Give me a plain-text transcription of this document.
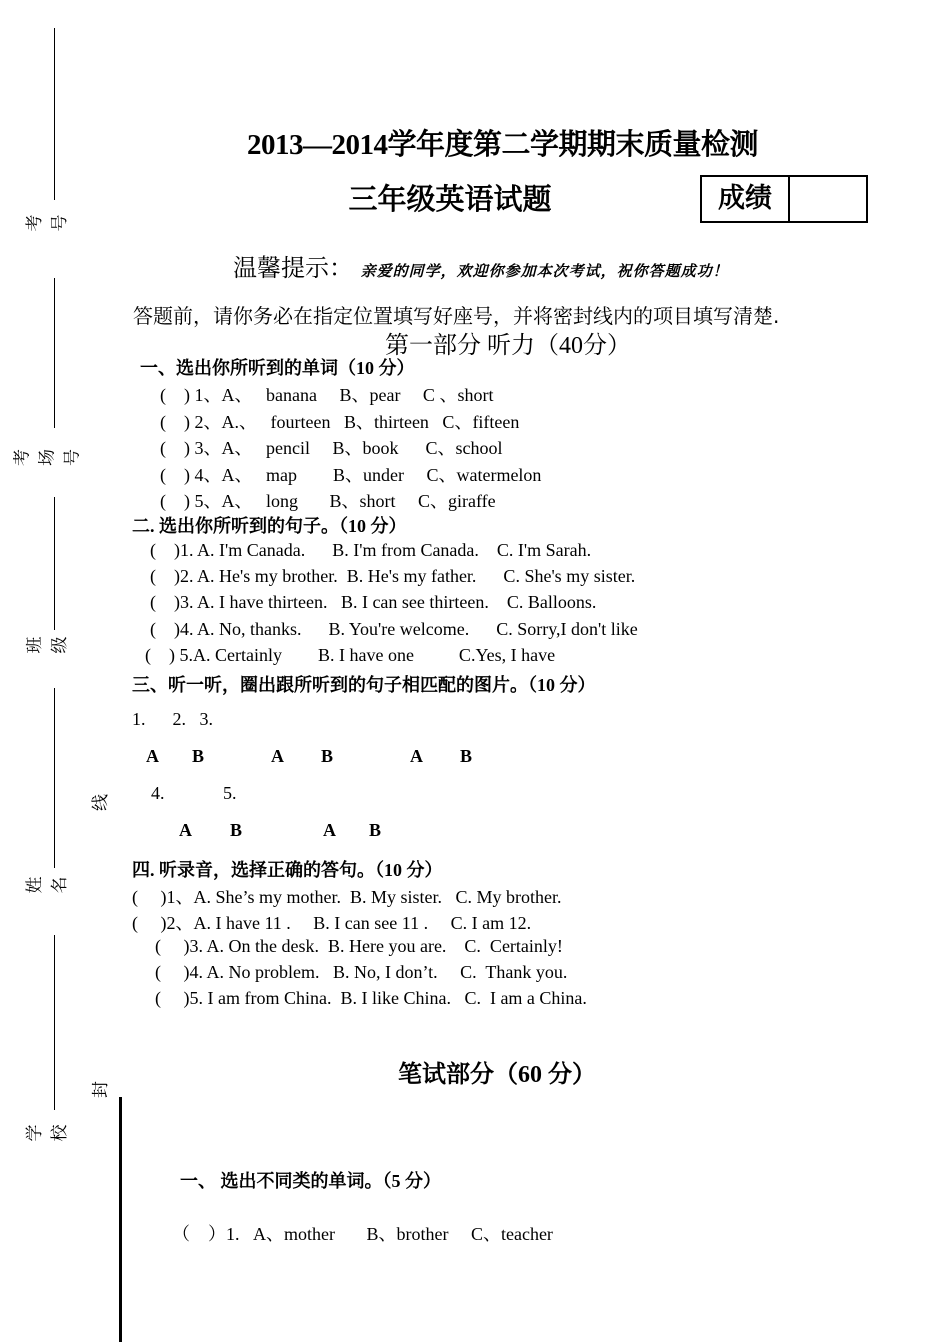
考号
考场号
班级
姓名
学校
线
封
2013—2014学年度第二学期期末质量检测
三年级英语试题	成绩
温馨提示： 亲爱的同学，欢迎你参加本次考试，祝你答题成功！
答题前，请你务必在指定位置填写好座号，并将密封线内的项目填写清楚.
第一部分 听力（40分）
一、选出你所听到的单词（10 分）
(    ) 1、A、   banana     B、pear     C 、short
(    ) 2、A.、   fourteen   B、thirteen   C、fifteen
(    ) 3、A、   pencil     B、book      C、school
(    ) 4、A、   map        B、under     C、watermelon
(    ) 5、A、   long       B、short     C、giraffe
二. 选出你所听到的句子。（10 分）
(    )1. A. I'm Canada.      B. I'm from Canada.    C. I'm Sarah.
(    )2. A. He's my brother.  B. He's my father.      C. She's my sister.
(    )3. A. I have thirteen.   B. I can see thirteen.    C. Balloons.
(    )4. A. No, thanks.      B. You're welcome.      C. Sorry,I don't like
(    ) 5.A. Certainly        B. I have one          C.Yes, I have
三、听一听，圈出跟所听到的句子相匹配的图片。（10 分）
1.      2.   3.
A B	A B	A B
4.             5.
A B	A B
四. 听录音，选择正确的答句。（10 分）
(     )1、A. She’s my mother.  B. My sister.   C. My brother.
(     )2、A. I have 11 .     B. I can see 11 .     C. I am 12.
(     )3. A. On the desk.  B. Here you are.    C.  Certainly!
(     )4. A. No problem.   B. No, I don’t.     C.  Thank you.
(     )5. I am from China.  B. I like China.   C.  I am a China.
笔试部分（60 分）
一、 选出不同类的单词。（5 分）
（    ）1.   A、mother       B、brother     C、teacher
